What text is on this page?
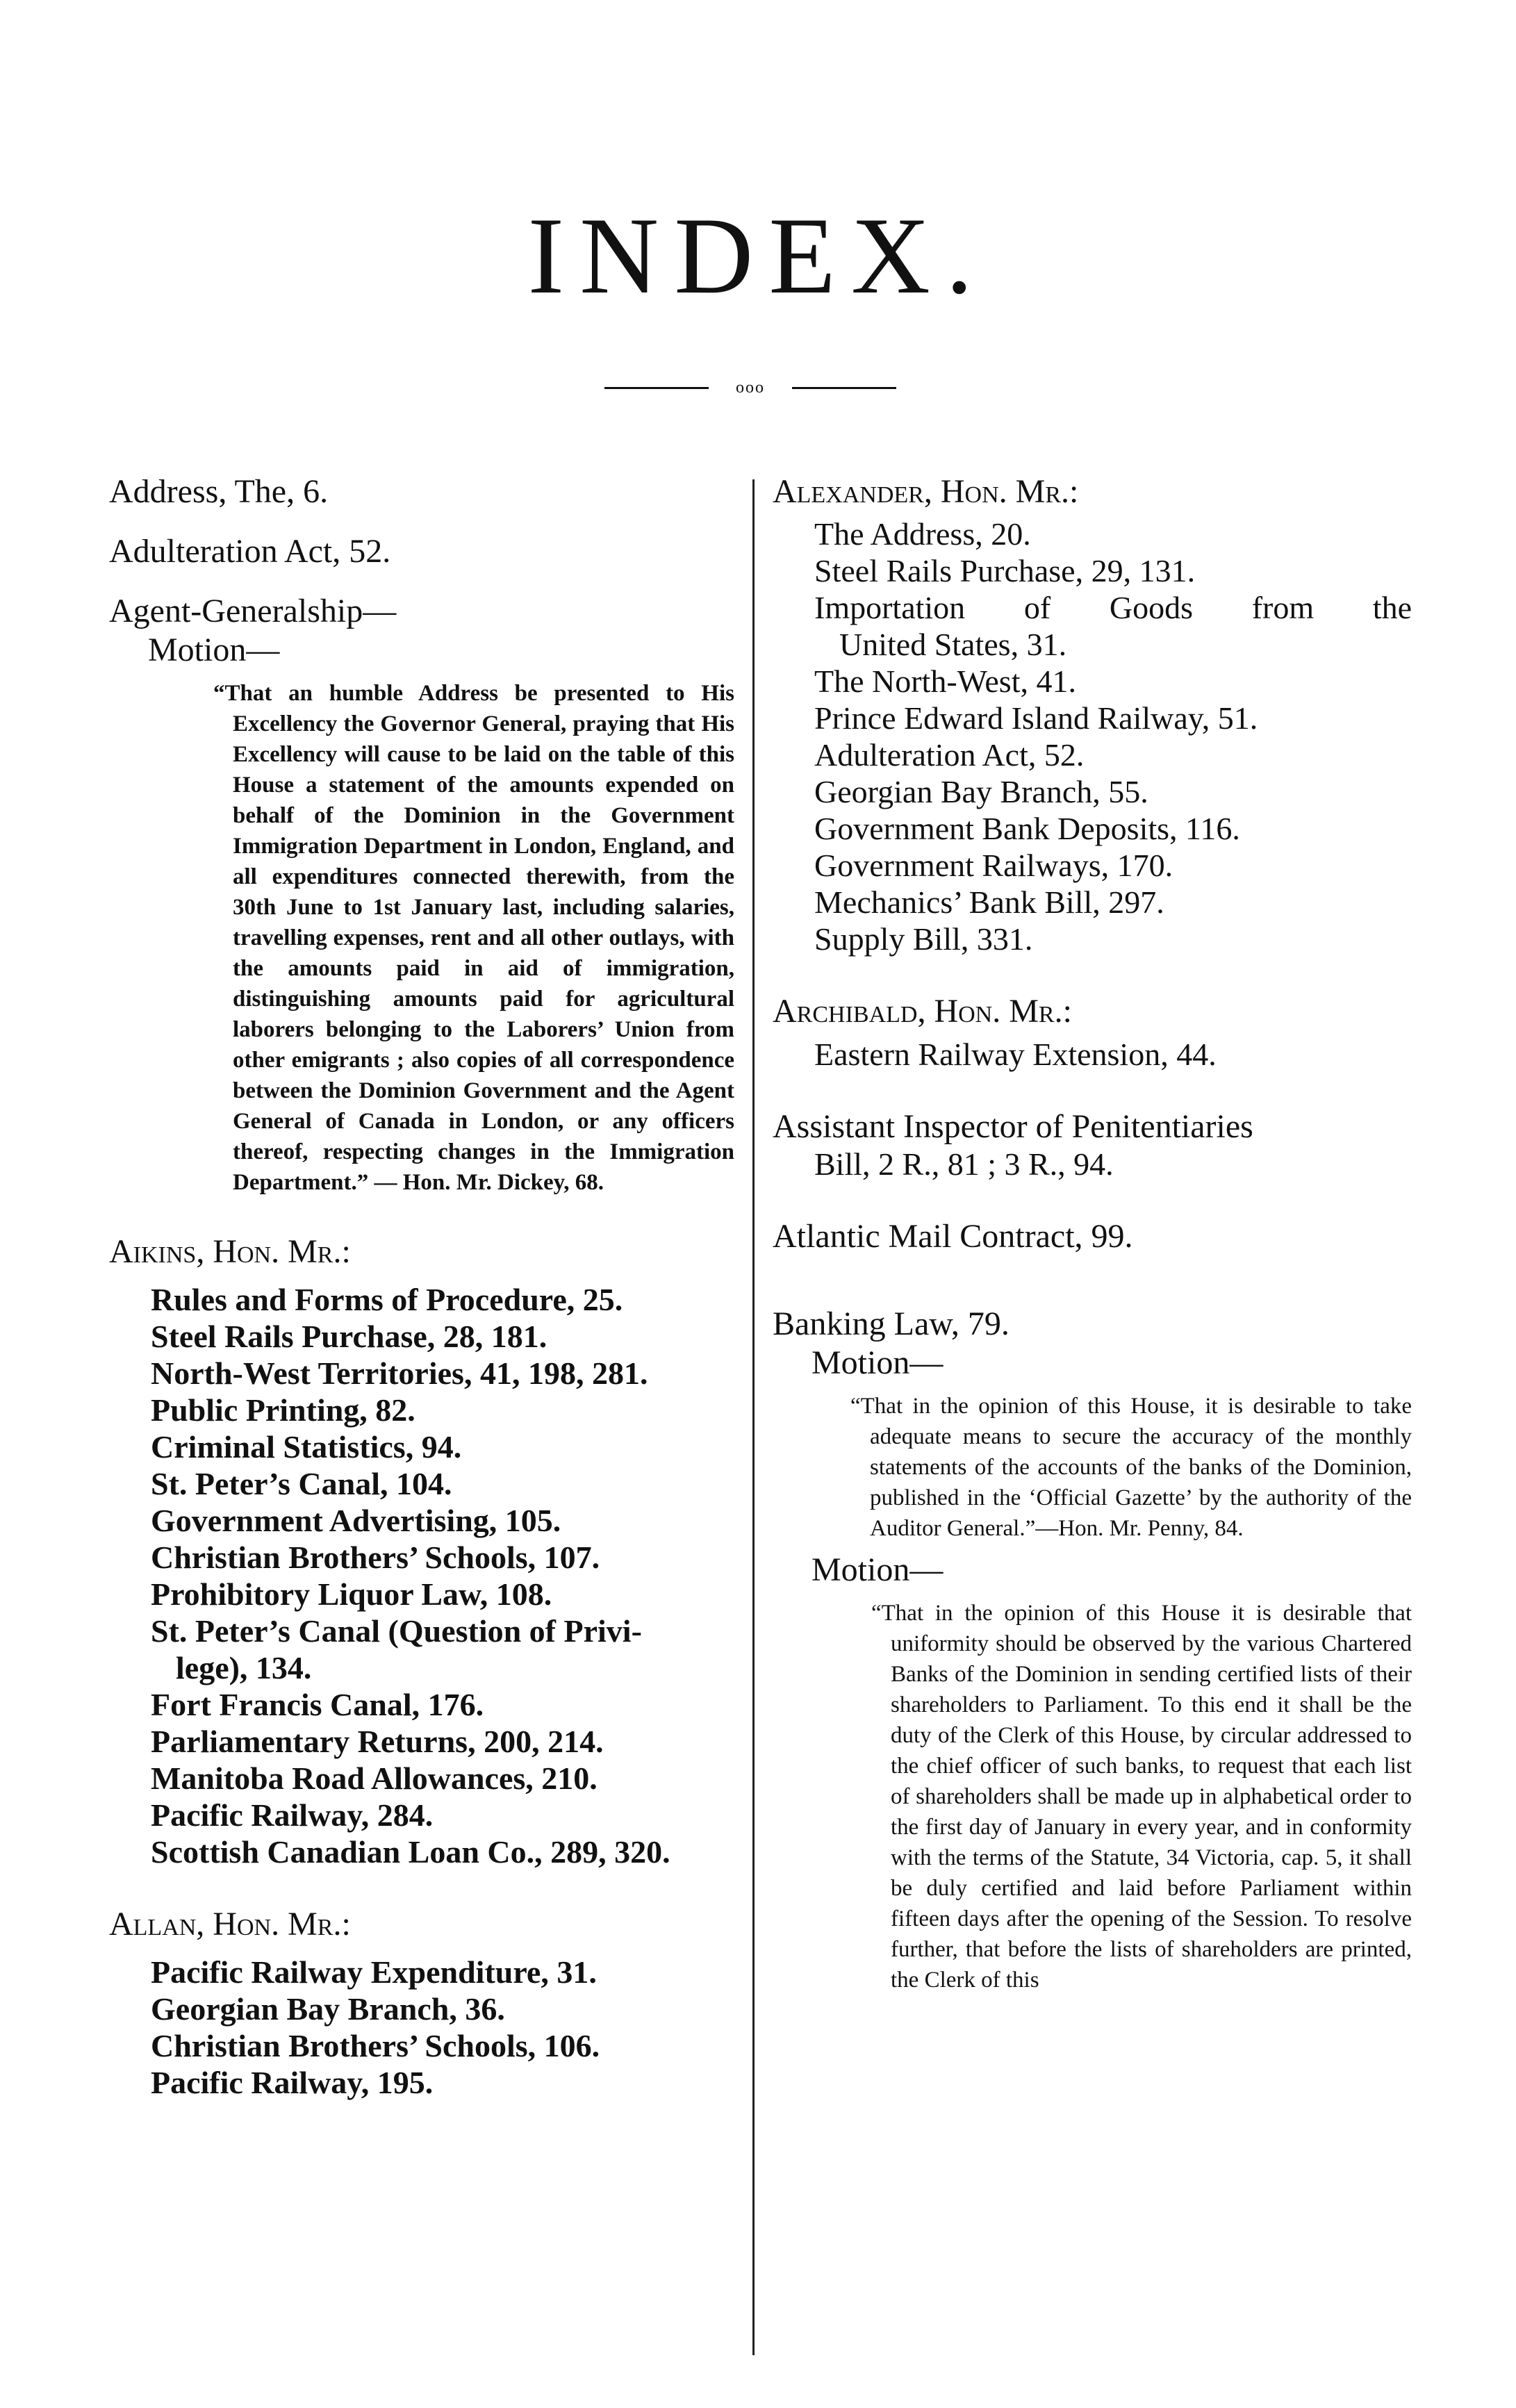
INDEX.
ooo

Address, The, 6.

Adulteration Act, 52.

Agent-Generalship—

Motion—

“That an humble Address be presented to His Excellency the Governor General, praying that His Excellency will cause to be laid on the table of this House a statement of the amounts expended on behalf of the Dominion in the Government Immigration Department in London, England, and all expenditures connected therewith, from the 30th June to 1st January last, including salaries, travelling expenses, rent and all other outlays, with the amounts paid in aid of immigration, distinguishing amounts paid for agricultural laborers belonging to the Laborers’ Union from other emigrants ; also copies of all correspondence between the Dominion Government and the Agent General of Canada in London, or any officers thereof, respecting changes in the Immigration Department.” — Hon. Mr. Dickey, 68.

Aikins, Hon. Mr.:

Rules and Forms of Procedure, 25.

Steel Rails Purchase, 28, 181.

North-West Territories, 41, 198, 281.

Public Printing, 82.

Criminal Statistics, 94.

St. Peter’s Canal, 104.

Government Advertising, 105.

Christian Brothers’ Schools, 107.

Prohibitory Liquor Law, 108.

St. Peter’s Canal (Question of Privi-
lege), 134.

Fort Francis Canal, 176.

Parliamentary Returns, 200, 214.

Manitoba Road Allowances, 210.

Pacific Railway, 284.

Scottish Canadian Loan Co., 289, 320.

Allan, Hon. Mr.:

Pacific Railway Expenditure, 31.

Georgian Bay Branch, 36.

Christian Brothers’ Schools, 106.

Pacific Railway, 195.

Alexander, Hon. Mr.:

The Address, 20.

Steel Rails Purchase, 29, 131.

Importation of Goods from the

United States, 31.

The North-West, 41.

Prince Edward Island Railway, 51.

Adulteration Act, 52.

Georgian Bay Branch, 55.

Government Bank Deposits, 116.

Government Railways, 170.

Mechanics’ Bank Bill, 297.

Supply Bill, 331.

Archibald, Hon. Mr.:

Eastern Railway Extension, 44.

Assistant Inspector of Penitentiaries

Bill, 2 R., 81 ; 3 R., 94.

Atlantic Mail Contract, 99.

Banking Law, 79.

Motion—

“That in the opinion of this House, it is desirable to take adequate means to secure the accuracy of the monthly statements of the accounts of the banks of the Dominion, published in the ‘Official Gazette’ by the authority of the Auditor General.”—Hon. Mr. Penny, 84.

Motion—

“That in the opinion of this House it is desirable that uniformity should be observed by the various Chartered Banks of the Dominion in sending certified lists of their shareholders to Parliament. To this end it shall be the duty of the Clerk of this House, by circular addressed to the chief officer of such banks, to request that each list of shareholders shall be made up in alphabetical order to the first day of January in every year, and in conformity with the terms of the Statute, 34 Victoria, cap. 5, it shall be duly certified and laid before Parliament within fifteen days after the opening of the Session. To resolve further, that before the lists of shareholders are printed, the Clerk of this
